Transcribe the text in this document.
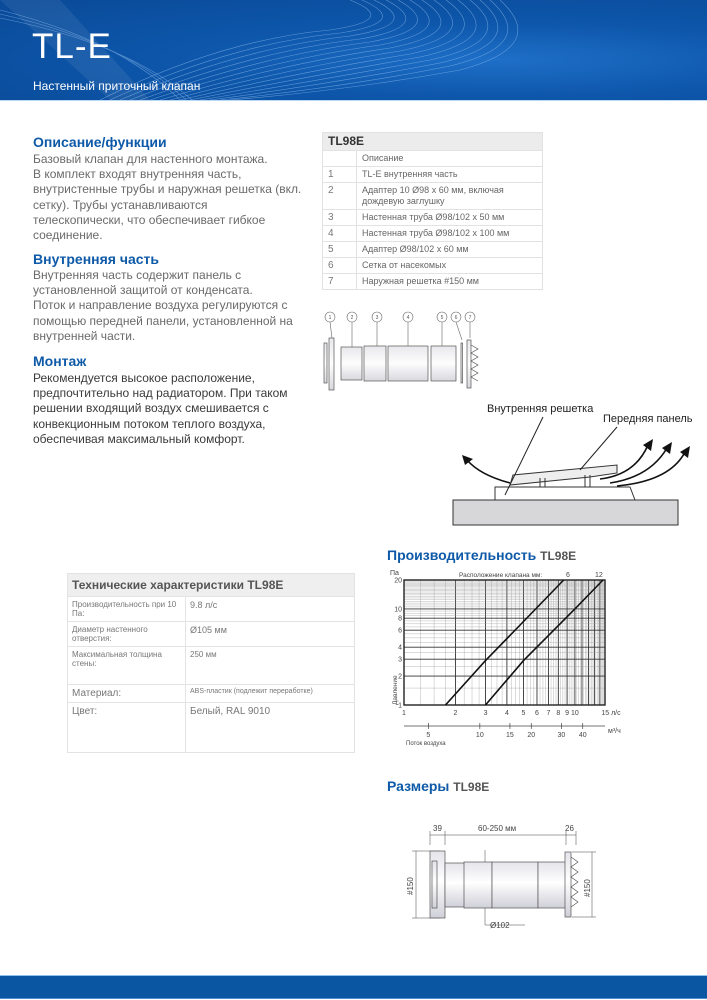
TL-E
Настенный приточный клапан
Описание/функции
Базовый клапан для настенного монтажа.
В комплект входят внутренняя часть,
внутристенные трубы и наружная решетка (вкл.
сетку). Трубы устанавливаются
телескопически, что обеспечивает гибкое
соединение.
Внутренняя часть
Внутренняя часть содержит панель с
установленной защитой от конденсата.
Поток и направление воздуха регулируются с
помощью передней панели, установленной на
внутренней части.
Монтаж
Рекомендуется высокое расположение,
предпочтительно над радиатором. При таком
решении входящий воздух смешивается с
конвекционным потоком теплого воздуха,
обеспечивая максимальный комфорт.
TL98E	
	Описание
1	TL-E внутренняя часть
2	Адаптер 10 Ø98 х 60 мм, включая дождевую заглушку
3	Настенная труба Ø98/102 х 50 мм
4	Настенная труба Ø98/102 х 100 мм
5	Адаптер Ø98/102 х 60 мм
6	Сетка от насекомых
7	Наружная решетка #150 мм
1	2	3	4	5 6 7
Внутренняя решетка
Передняя панель
Технические характеристики TL98E	
Производительность при 10 Па:	9.8 л/с
Диаметр настенного отверстия:	Ø105 мм
Максимальная толщина стены:	250 мм
Материал:	ABS-пластик (подлежит переработке)
Цвет:	Белый, RAL 9010
Производительность TL98E
Па	Расположение клапана мм:	6	12
Давление
1
2
3
4
6
8
10
20
1	2	3 4 5 6 7 8 9 10	15 л/с
5	10	15 20	30 40
м³/ч
Поток воздуха
Размеры TL98E
39	60-250 мм	26
Ø102
#150	#150
